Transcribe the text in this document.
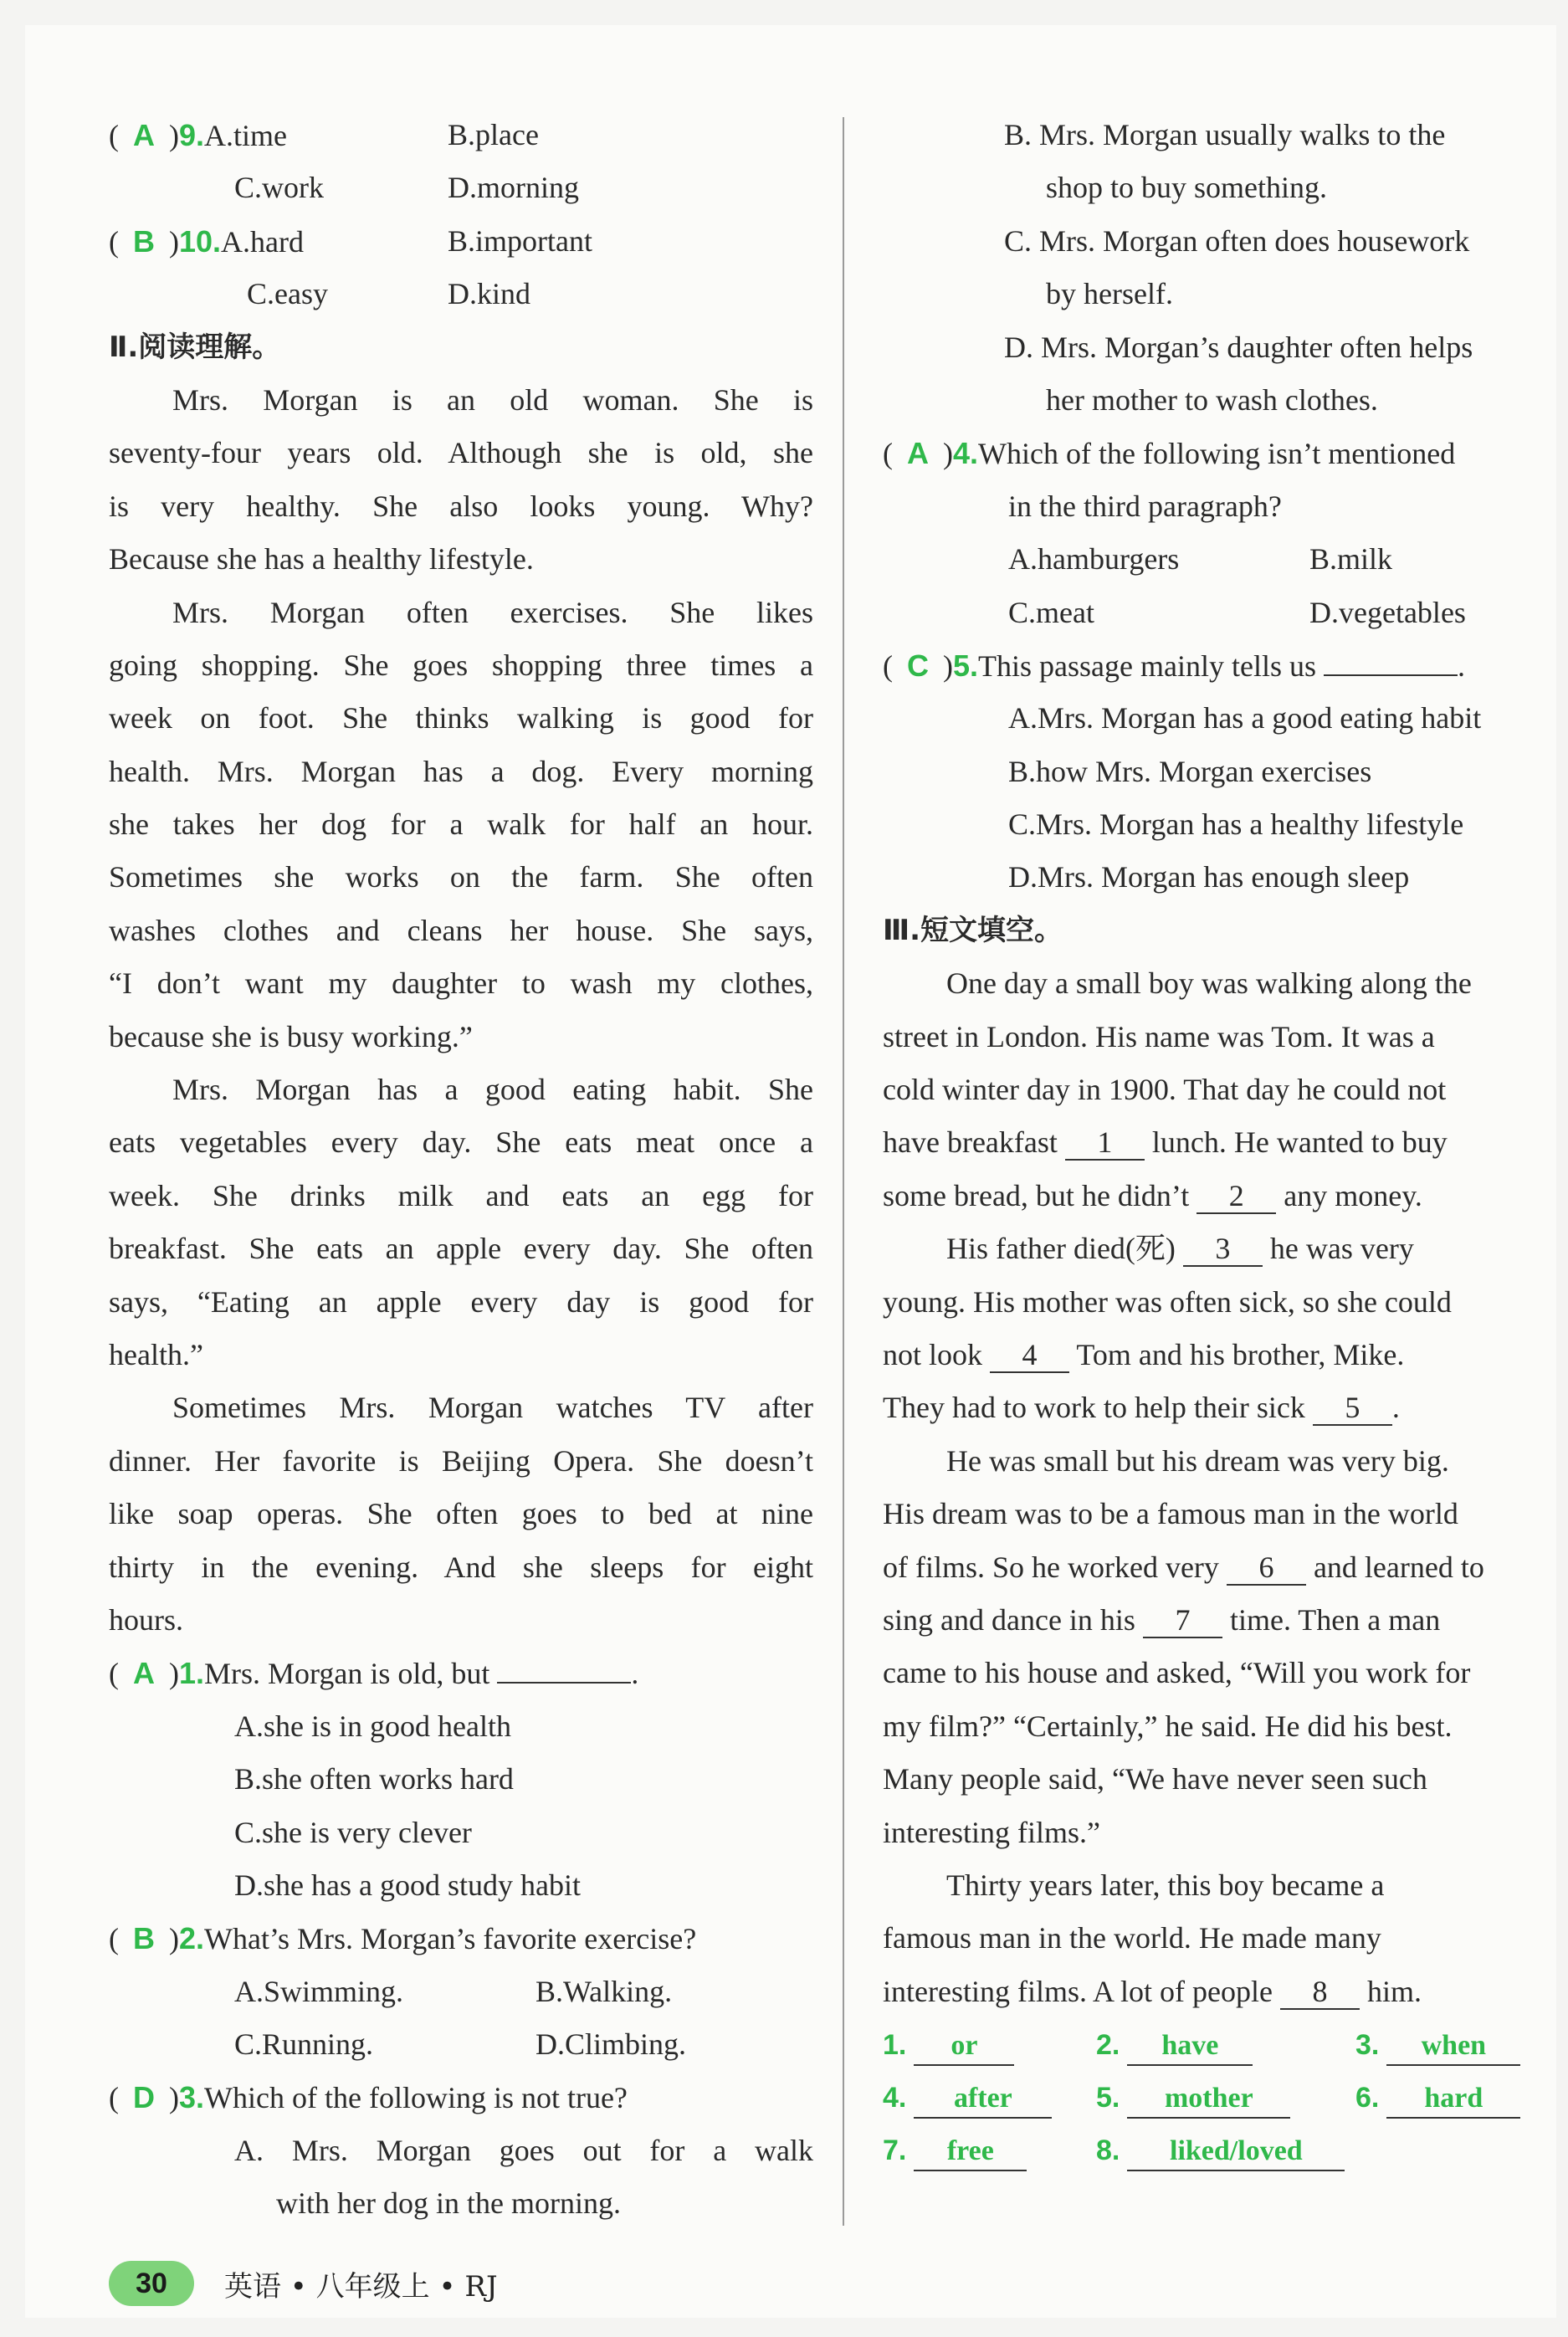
( A )9.A.time	B.place
C.work	D.morning
( B )10.A.hard	B.important
C.easy	D.kind
Ⅱ.阅读理解。
Mrs. Morgan is an old woman. She is
seventy-four years old. Although she is old, she
is very healthy. She also looks young. Why?
Because she has a healthy lifestyle.
Mrs. Morgan often exercises. She likes
going shopping. She goes shopping three times a
week on foot. She thinks walking is good for
health. Mrs. Morgan has a dog. Every morning
she takes her dog for a walk for half an hour.
Sometimes she works on the farm. She often
washes clothes and cleans her house. She says,
“I don’t want my daughter to wash my clothes,
because she is busy working.”
Mrs. Morgan has a good eating habit. She
eats vegetables every day. She eats meat once a
week. She drinks milk and eats an egg for
breakfast. She eats an apple every day. She often
says, “Eating an apple every day is good for
health.”
Sometimes Mrs. Morgan watches TV after
dinner. Her favorite is Beijing Opera. She doesn’t
like soap operas. She often goes to bed at nine
thirty in the evening. And she sleeps for eight
hours.
( A )1.Mrs. Morgan is old, but	.
A.she is in good health
B.she often works hard
C.she is very clever
D.she has a good study habit
( B )2.What’s Mrs. Morgan’s favorite exercise?
A.Swimming.	B.Walking.
C.Running.	D.Climbing.
( D )3.Which of the following is not true?
A. Mrs. Morgan goes out for a walk
with her dog in the morning.
B. Mrs. Morgan usually walks to the
shop to buy something.
C. Mrs. Morgan often does housework
by herself.
D. Mrs. Morgan’s daughter often helps
her mother to wash clothes.
( A )4.Which of the following isn’t mentioned
in the third paragraph?
A.hamburgers	B.milk
C.meat	D.vegetables
( C )5.This passage mainly tells us	.
A.Mrs. Morgan has a good eating habit
B.how Mrs. Morgan exercises
C.Mrs. Morgan has a healthy lifestyle
D.Mrs. Morgan has enough sleep
Ⅲ.短文填空。
One day a small boy was walking along the
street in London. His name was Tom. It was a
cold winter day in 1900. That day he could not
have breakfast 1 lunch. He wanted to buy
some bread, but he didn’t 2 any money.
His father died(死) 3 he was very
young. His mother was often sick, so she could
not look 4 Tom and his brother, Mike.
They had to work to help their sick 5 .
He was small but his dream was very big.
His dream was to be a famous man in the world
of films. So he worked very 6 and learned to
sing and dance in his 7 time. Then a man
came to his house and asked, “Will you work for
my film?” “Certainly,” he said. He did his best.
Many people said, “We have never seen such
interesting films.”
Thirty years later, this boy became a
famous man in the world. He made many
interesting films. A lot of people 8 him.
1. or	2. have	3. when
4. after	5. mother	6. hard
7. free	8. liked/loved
30	英语 • 八年级上 • RJ
